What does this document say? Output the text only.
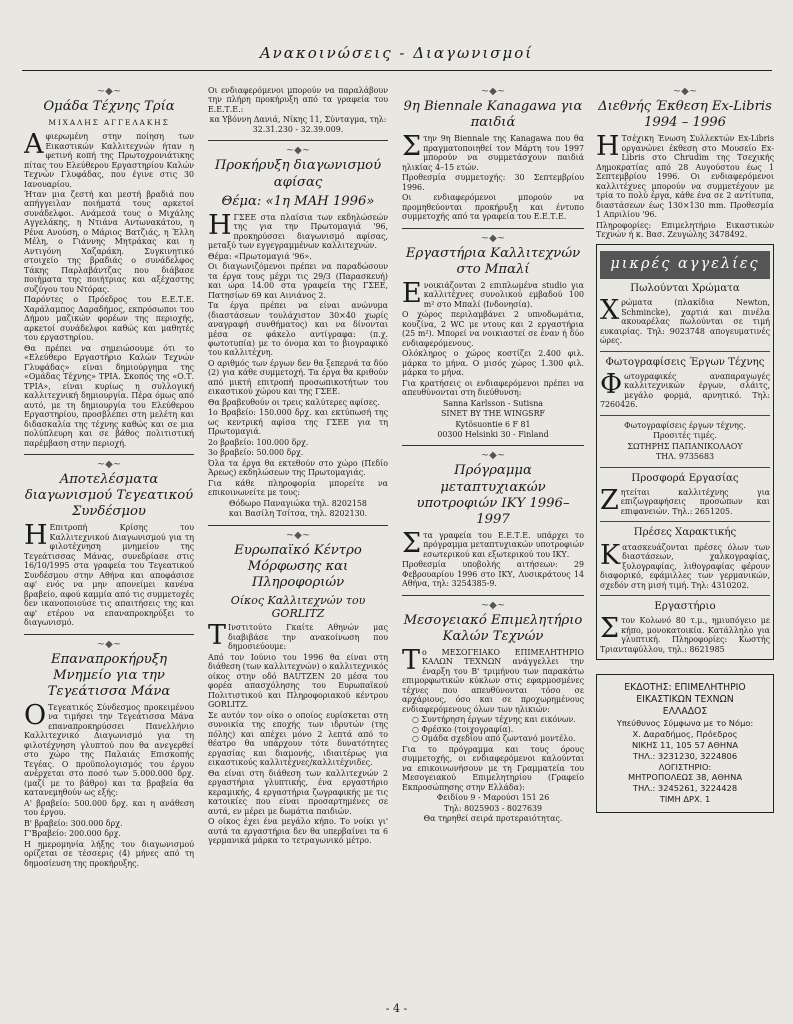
Ανακοινώσεις - Διαγωνισμοί
~◆~
Ομάδα Τέχνης Τρία
ΜΙΧΑΛΗΣ ΑΓΓΕΛΑΚΗΣ
Α φιερωμένη στην ποίηση των Εικαστικών Καλλιτεχνών ήταν η φετινή κοπή της Πρωτοχρονιάτικης πίτας του Ελεύθερου Εργαστηρίου Καλών Τεχνών Γλυφάδας, που έγινε στις 30 Ιανουαρίου.

Ήταν μια ζεστή και μεστή βραδιά που απήγγειλαν ποιήματά τους αρκετοί συνάδελφοι. Ανάμεσά τους ο Μιχάλης Αγγελάκης, η Ντιάνα Αντωνακάτου, η Ρένα Ανούση, ο Μάριος Βατζιάς, η Έλλη Μέλη, ο Γιάννης Μητράκας και η Αντιγόνη Χαζαράκη. Συγκινητικό στοιχείο της βραδιάς ο συνάδελφος Τάκης Παρλαβάντζας που διάβασε ποιήματα της ποιήτριας και αξέχαστης συζύγου του Ντόρας.

Παρόντες ο Πρόεδρος του Ε.Ε.Τ.Ε. Χαράλαμπος Δαραδήμος, εκπρόσωποι του Δήμου μαζικών φορέων της περιοχής, αρκετοί συνάδελφοι καθώς και μαθητές του εργαστηρίου.

Θα πρέπει να σημειώσουμε ότι το «Ελεύθερο Εργαστήριο Καλών Τεχνών Γλυφάδας» είναι δημιούργημα της «Ομάδας Τέχνης» ΤΡΙΑ. Σκοπός της «Ο.Τ. ΤΡΙΑ», είναι κυρίως η συλλογική καλλιτεχνική δημιουργία. Πέρα όμως από αυτό, με τη δημιουργία του Ελεύθερου Εργαστηρίου, προσβλέπει στη μελέτη και διδασκαλία της τέχνης καθώς και σε μια πολύπλευρη και σε βάθος πολιτιστική παρέμβαση στην περιοχή.

~◆~
Αποτελέσματα διαγωνισμού Τεγεατικού Συνδέσμου
Η Επιτροπή Κρίσης του Καλλιτεχνικού Διαγωνισμού για τη φιλοτέχνηση μνημείου της Τεγεάτισσας Μάνας, συνεδρίασε στις 16/10/1995 στα γραφεία του Τεγεατικού Συνδέσμου στην Αθήνα και αποφάσισε αφ' ενός να μην απονείμει κανένα βραβείο, αφού καμμία από τις συμμετοχές δεν ικανοποιούσε τις απαιτήσεις της και αφ' ετέρου να επαναπροκηρύξει το διαγωνισμό.

~◆~
Επαναπροκήρυξη Μνημείο για την Τεγεάτισσα Μάνα
Ο Τεγεατικός Σύνδεσμος προκειμένου να τιμήσει την Τεγεάτισσα Μάνα επαναπροκηρύσσει Πανελλήνιο Καλλιτεχνικό Διαγωνισμό για τη φιλοτέχνηση γλυπτού που θα ανεγερθεί στο χώρο της Παλαιάς Επισκοπής Τεγέας. Ο προϋπολογισμός του έργου ανέρχεται στο ποσό των 5.000.000 δρχ. (μαζί με το βάθρο) και τα βραβεία θα κατανεμηθούν ως εξής:

Α' βραβείο: 500.000 δρχ. και η ανάθεση του έργου.

Β' βραβείο: 300.000 δρχ.

Γ'Βραβείο: 200.000 δρχ.

Η ημερομηνία λήξης του διαγωνισμού ορίζεται σε τέσσερις (4) μήνες από τη δημοσίευση της προκήρυξης.

Οι ενδιαφερόμενοι μπορούν να παραλάβουν την πλήρη προκήρυξη από τα γραφεία του Ε.Ε.Τ.Ε.:

κα Υβόννη Δανιά, Νίκης 11, Σύνταγμα, τηλ: 32.31.230 - 32.39.009.

~◆~
Προκήρυξη διαγωνισμού αφίσας
Θέμα: «1η ΜΑΗ 1996»
Η ΓΣΕΕ στα πλαίσια των εκδηλώσεών της για την Πρωτομαγιά '96, προκηρύσσει διαγωνισμό αφίσας, μεταξύ των εγγεγραμμένων καλλιτεχνών.

Θέμα: «Πρωτομαγιά '96».

Οι διαγωνιζόμενοι πρέπει να παραδώσουν τα έργα τους μέχρι τις 29/3 (Παρασκευή) και ώρα 14.00 στα γραφεία της ΓΣΕΕ, Πατησίων 69 και Αινιάνος 2.

Τα έργα πρέπει να είναι ανώνυμα (διαστάσεων τουλάχιστον 30×40 χωρίς αναγραφή συνθήματος) και να δίνονται μέσα σε φάκελο αντίγραφα: (π.χ. φωτοτυπία) με το όνομα και το βιογραφικό του καλλιτέχνη.

Ο αριθμός των έργων δεν θα ξεπερνά τα δύο (2) για κάθε συμμετοχή. Τα έργα θα κριθούν από μικτή επιτροπή προσωπικοτήτων του εικαστικού χώρου και της ΓΣΕΕ.

Θα βραβευθούν οι τρεις καλύτερες αφίσες.

1ο Βραβείο: 150.000 δρχ. και εκτύπωσή της ως κεντρική αφίσα της ΓΣΕΕ για τη Πρωτομαγιά.

2ο βραβείο: 100.000 δρχ.

3ο βραβείο: 50.000 δρχ.

Όλα τα έργα θα εκτεθούν στο χώρο (Πεδίο Άρεως) εκδηλώσεων της Πρωτομαγιάς.

Για κάθε πληροφορία μπορείτε να επικοινωνείτε με τους:

Θόδωρο Παναγιώκα τηλ. 8202158

και Βασίλη Τσίτσα, τηλ. 8202130.

~◆~
Ευρωπαϊκό Κέντρο Μόρφωσης και Πληροφοριών
Οίκος Καλλιτεχνών του GORLITZ
Τ Ινστιτούτο Γκαίτε Αθηνών μας διαβιβάσε την ανακοίνωση που δημοσιεύουμε:

Από τον Ιούνιο του 1996 θα είναι στη διάθεση (των καλλιτεχνών) ο καλλιτεχνικός οίκος στην οδό BAUTZEN 20 μέσα του φορέα απασχόλησης του Ευρωπαϊκού Πολιτιστικού και Πληροφοριακού κέντρου GORLITZ.

Σε αυτόν τον οίκο ο οποίος ευρίσκεται στη συνοικία της εποχής των ιδρυτών (της πόλης) και απέχει μόνο 2 λεπτά από το θέατρο θα υπάρχουν τότε δυνατότητες εργασίας και διαμονής, ιδιαιτέρως για εικαστικούς καλλιτέχνες/καλλιτέχνιδες.

Θα είναι στη διάθεση των καλλιτεχνών 2 εργαστήρια γλυπτικής, ένα εργαστήριο κεραμικής, 4 εργαστήρια ζωγραφικής με τις κατοικίες που είναι προσαρτημένες σε αυτά, εν μέρει με δωμάτια παιδιών.

Ο οίκος έχει ένα μεγάλο κήπο. Το νοίκι γι' αυτά τα εργαστήρια δεν θα υπερβαίνει τα 6 γερμανικά μάρκα το τετραγωνικό μέτρο.

~◆~
9η Biennale Kanagawa για παιδιά
Σ την 9η Biennale της Kanagawa που θα πραγματοποιηθεί τον Μάρτη του 1997 μπορούν να συμμετάσχουν παιδιά ηλικίας 4–15 ετών.

Προθεσμία συμμετοχής: 30 Σεπτεμβρίου 1996.

Οι ενδιαφερόμενοι μπορούν να προμηθεύονται προκήρυξη και έντυπο συμμετοχής από τα γραφεία του Ε.Ε.Τ.Ε.

~◆~
Εργαστήρια Καλλιτεχνών στο Μπαλί
Ε νοικιάζονται 2 επιπλωμένα studio για καλλιτέχνες συνολικού εμβαδού 100 m² στο Μπαλί (Ινδονησία).

Ο χώρος περιλαμβάνει 2 υπνοδωμάτια, κουζίνα, 2 WC με ντους και 2 εργαστήρια (25 m²). Μπορεί να νοικιαστεί σε έναν ή δύο ενδιαφερόμενους.

Ολόκληρος ο χώρος κοστίζει 2.400 φιλ. μάρκα το μήνα. Ο μισός χώρος 1.300 φιλ. μάρκα το μήνα.

Για κρατήσεις οι ενδιαφερόμενοι πρέπει να απευθύνονται στη διεύθυνση:

Sanna Karlsson - Sutisna

SINET BY THE WINGSRF

Kytösuontie 6 F 81

00300 Helsinki 30 - Finland

~◆~
Πρόγραμμα μεταπτυχιακών υποτροφιών ΙΚΥ 1996–1997
Σ τα γραφεία του Ε.Ε.Τ.Ε. υπάρχει το πρόγραμμα μεταπτυχιακών υποτροφιών εσωτερικού και εξωτερικού του ΙΚΥ.

Προθεσμία υποβολής αιτήσεων: 29 Φεβρουαρίου 1996 στο ΙΚΥ, Λυσικράτους 14 Αθήνα, τηλ: 3254385-9.

~◆~
Μεσογειακό Επιμελητήριο Καλών Τεχνών
Τ ο ΜΕΣΟΓΕΙΑΚΟ ΕΠΙΜΕΛΗΤΗΡΙΟ ΚΑΛΩΝ ΤΕΧΝΩΝ ανάγγελλει την έναρξη του Β' τριμήνου των παρακάτω επιμορφωτικών κύκλων στις εφαρμοσμένες τέχνες που απευθύνονται τόσο σε αρχάριους, όσο και σε προχωρημένους ενδιαφερόμενους όλων των ηλικιών:

○ Συντήρηση έργων τέχνης και εικόνων.
○ Φρέσκο (τοιχογραφία).
○ Ομάδα σχεδίου από ζωντανό μοντέλο.

Για το πρόγραμμα και τους όρους συμμετοχής, οι ενδιαφερόμενοι καλούνται να επικοινωνήσουν με τη Γραμματεία του Μεσογειακού Επιμελητηρίου (Γραφείο Εκπροσώπησης στην Ελλάδα):

Φειδίου 9 - Μαρούσι 151 26

Τηλ: 8025903 - 8027639

Θα τηρηθεί σειρά προτεραιότητας.

~◆~
Διεθνής Έκθεση Ex-Libris 1994 – 1996
Η Τσέχικη Ένωση Συλλεκτών Ex-Libris οργανώνει έκθεση στο Μουσείο Ex-Libris στο Chrudim της Τσεχικής Δημοκρατίας από 28 Αυγούστου έως 1 Σεπτεμβρίου 1996. Οι ενδιαφερόμενοι καλλιτέχνες μπορούν να συμμετέχουν με τρία το πολύ έργα, κάθε ένα σε 2 αντίτυπα, διαστάσεων έως 130×130 mm. Προθεσμία 1 Απριλίου '96.

Πληροφορίες: Επιμελητήριο Εικαστικών Τεχνών ή κ. Βασ. Ζευγώλης 3478492.

μικρές αγγελίες
Πωλούνται Χρώματα
Χ ρώματα (πλακίδια Newton, Schmincke), χαρτιά και πινέλα ακουαρέλας πωλούνται σε τιμή ευκαιρίας. Τηλ: 9023748 απογευματινές ώρες.

Φωτογραφίσεις Έργων Τέχνης
Φ ωτογραφικές αναπαραγωγές καλλιτεχνικών έργων, σλάιτς, μεγάλο φορμά, αρνητικό. Τηλ: 7260426.

Φωτογραφίσεις έργων τέχνης.

Προσιτές τιμές.

ΣΩΤΗΡΗΣ ΠΑΠΑΝΙΚΟΛΑΟΥ

ΤΗΛ. 9735683

Προσφορά Εργασίας
Ζ ητείται καλλιτέχνης για επιζωγραφήσεις προσώπων και επιφανειών. Τηλ.: 2651205.

Πρέσες Χαρακτικής
Κ ατασκευάζονται πρέσες όλων των διαστάσεων, χαλκογραφίας, ξυλογραφίας, λιθογραφίας φέρουν διαφορικό, εφάμιλλες των γερμανικών, σχεδόν στη μισή τιμή. Τηλ: 4310202.

Εργαστήριο
Σ τον Κολωνό 80 τ.μ., ημιυπόγειο με κήπο, μονοκατοικία. Κατάλληλο για γλυπτική. Πληροφορίες: Κωστής Τριανταφύλλου, τηλ.: 8621985

ΕΚΔΟΤΗΣ: ΕΠΙΜΕΛΗΤΗΡΙΟ
ΕΙΚΑΣΤΙΚΩΝ ΤΕΧΝΩΝ
ΕΛΛΑΔΟΣ
Υπεύθυνος Σύμφωνα με το Νόμο:
Χ. Δαραδήμος, Πρόεδρος
ΝΙΚΗΣ 11, 105 57 ΑΘΗΝΑ
ΤΗΛ.: 3231230, 3224806
ΛΟΓΙΣΤΗΡΙΟ:
ΜΗΤΡΟΠΟΛΕΩΣ 38, ΑΘΗΝΑ
ΤΗΛ.: 3245261, 3224428
ΤΙΜΗ ΔΡΧ. 1
- 4 -
